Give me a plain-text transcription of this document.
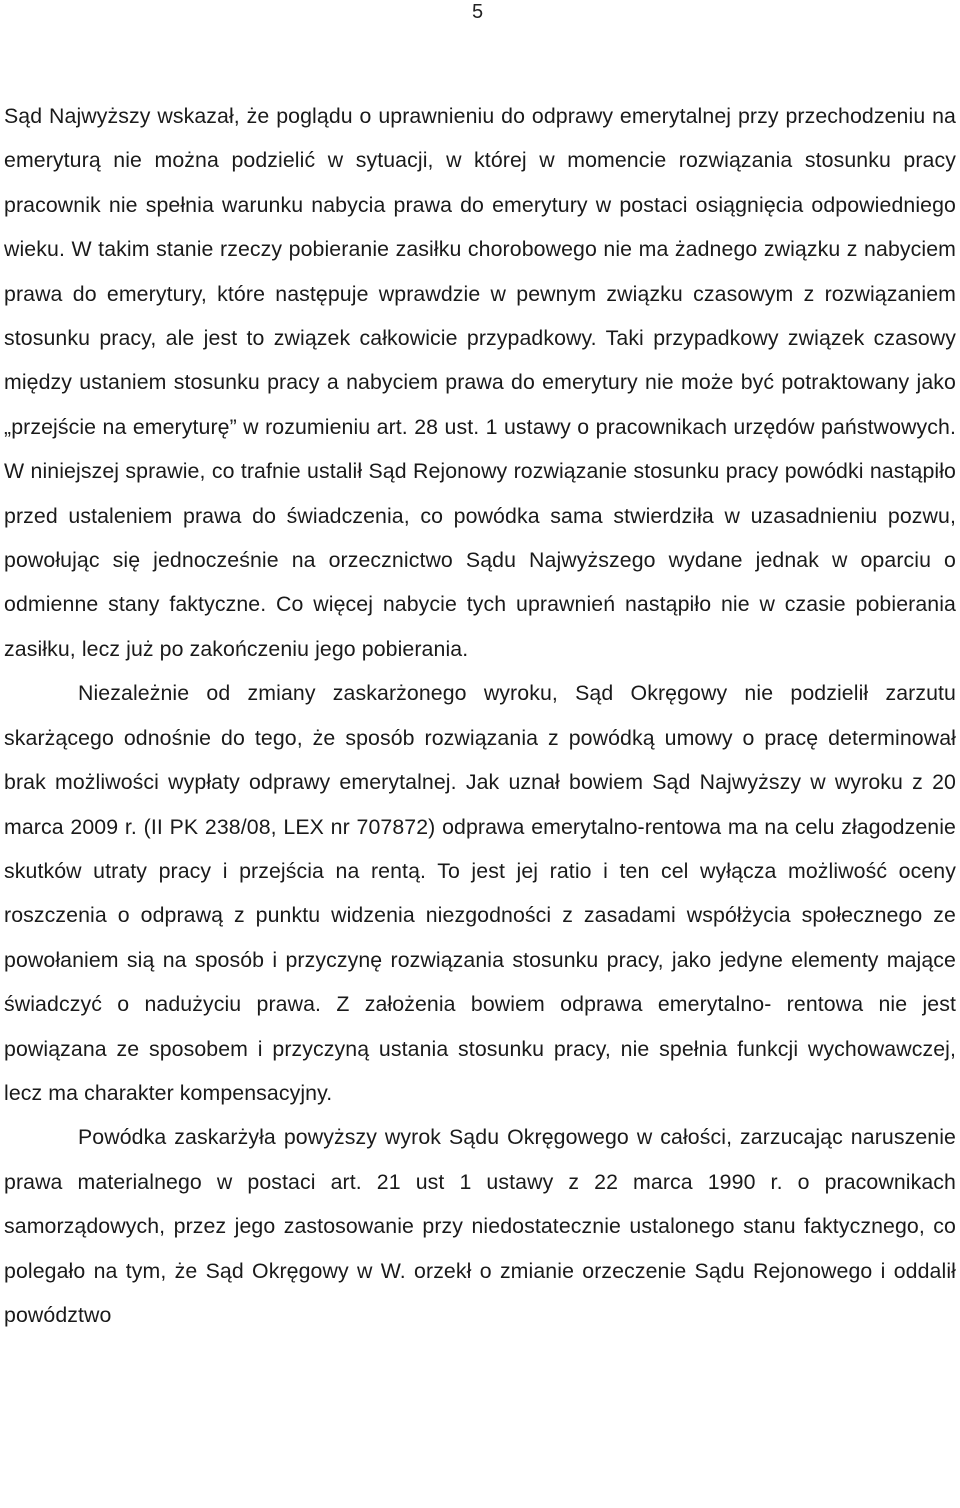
5

Sąd Najwyższy wskazał, że poglądu o uprawnieniu do odprawy emerytalnej przy przechodzeniu na emeryturą nie można podzielić w sytuacji, w której w momencie rozwiązania stosunku pracy pracownik nie spełnia warunku nabycia prawa do emerytury w postaci osiągnięcia odpowiedniego wieku. W takim stanie rzeczy pobieranie zasiłku chorobowego nie ma żadnego związku z nabyciem prawa do emerytury, które następuje wprawdzie w pewnym związku czasowym z rozwiązaniem stosunku pracy, ale jest to związek całkowicie przypadkowy. Taki przypadkowy związek czasowy między ustaniem stosunku pracy a nabyciem prawa do emerytury nie może być potraktowany jako „przejście na emeryturę” w rozumieniu art. 28 ust. 1 ustawy o pracownikach urzędów państwowych. W niniejszej sprawie, co trafnie ustalił Sąd Rejonowy rozwiązanie stosunku pracy powódki nastąpiło przed ustaleniem prawa do świadczenia, co powódka sama stwierdziła w uzasadnieniu pozwu, powołując się jednocześnie na orzecznictwo Sądu Najwyższego wydane jednak w oparciu o odmienne stany faktyczne. Co więcej nabycie tych uprawnień nastąpiło nie w czasie pobierania zasiłku, lecz już po zakończeniu jego pobierania.

Niezależnie od zmiany zaskarżonego wyroku, Sąd Okręgowy nie podzielił zarzutu skarżącego odnośnie do tego, że sposób rozwiązania z powódką umowy o pracę determinował brak możliwości wypłaty odprawy emerytalnej. Jak uznał bowiem Sąd Najwyższy w wyroku z 20 marca 2009 r. (II PK 238/08, LEX nr 707872) odprawa emerytalno-rentowa ma na celu złagodzenie skutków utraty pracy i przejścia na rentą. To jest jej ratio i ten cel wyłącza możliwość oceny roszczenia o odprawą z punktu widzenia niezgodności z zasadami współżycia społecznego ze powołaniem sią na sposób i przyczynę rozwiązania stosunku pracy, jako jedyne elementy mające świadczyć o nadużyciu prawa. Z założenia bowiem odprawa emerytalno- rentowa nie jest powiązana ze sposobem i przyczyną ustania stosunku pracy, nie spełnia funkcji wychowawczej, lecz ma charakter kompensacyjny.

Powódka zaskarżyła powyższy wyrok Sądu Okręgowego w całości, zarzucając naruszenie prawa materialnego w postaci art. 21 ust 1 ustawy z 22 marca 1990 r. o pracownikach samorządowych, przez jego zastosowanie przy niedostatecznie ustalonego stanu faktycznego, co polegało na tym, że Sąd Okręgowy w W. orzekł o zmianie orzeczenie Sądu Rejonowego i oddalił powództwo
